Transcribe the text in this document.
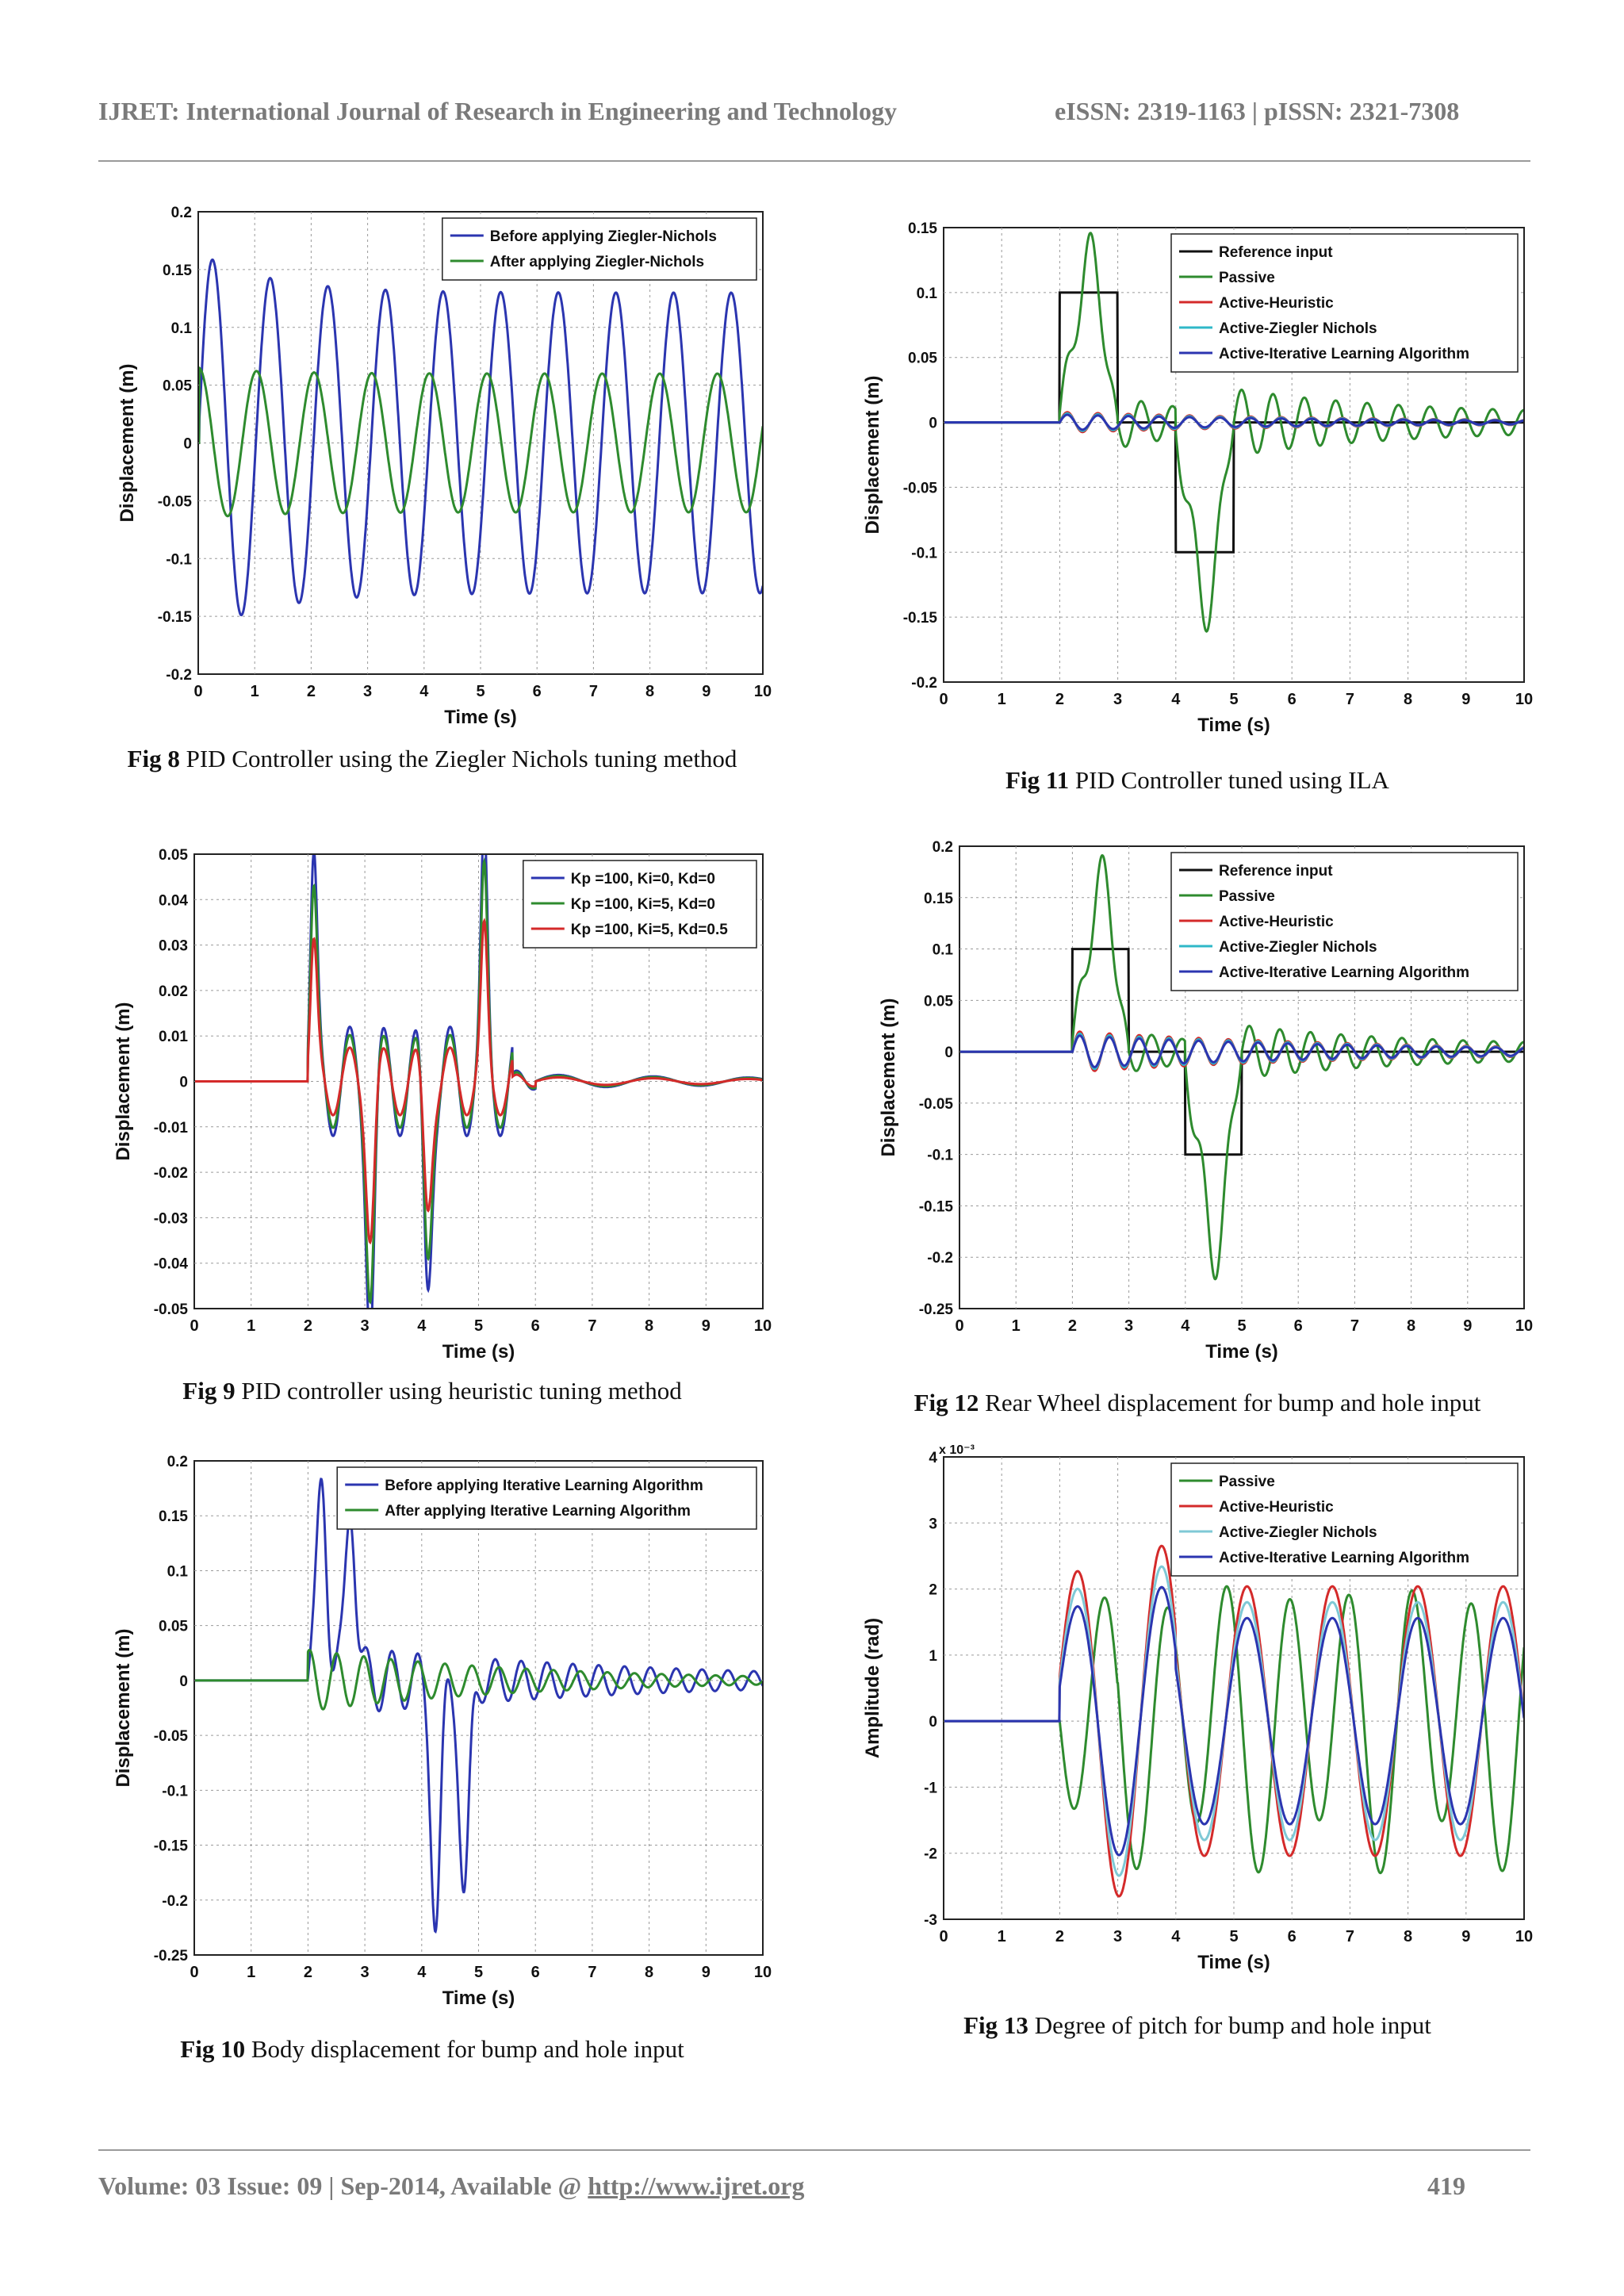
IJRET: International Journal of Research in Engineering and Technology	eISSN: 2319-1163 | pISSN: 2321-7308
0	1	2	3	4	5	6	7	8	9	10
0.2
0.15
0.1
0.05
0
-0.05
-0.1
-0.15
-0.2
Time (s)
Displacement (m)
Before applying Ziegler-Nichols
After applying Ziegler-Nichols
0	1	2	3	4	5	6	7	8	9	10
0.15
0.1
0.05
0
-0.05
-0.1
-0.15
-0.2
Time (s)
Displacement (m)
Reference input
Passive
Active-Heuristic
Active-Ziegler Nichols
Active-Iterative Learning Algorithm
0	1	2	3	4	5	6	7	8	9	10
0.05
0.04
0.03
0.02
0.01
0
-0.01
-0.02
-0.03
-0.04
-0.05
Time (s)
Displacement (m)
Kp =100, Ki=0, Kd=0
Kp =100, Ki=5, Kd=0
Kp =100, Ki=5, Kd=0.5
0	1	2	3	4	5	6	7	8	9	10
0.2
0.15
0.1
0.05
0
-0.05
-0.1
-0.15
-0.2
-0.25
Time (s)
Displacement (m)
Reference input
Passive
Active-Heuristic
Active-Ziegler Nichols
Active-Iterative Learning Algorithm
0	1	2	3	4	5	6	7	8	9	10
0.2
0.15
0.1
0.05
0
-0.05
-0.1
-0.15
-0.2
-0.25
Time (s)
Displacement (m)
Before applying Iterative Learning Algorithm
After applying Iterative Learning Algorithm
0	1	2	3	4	5	6	7	8	9	10
4
3
2
1
0
-1
-2
-3
x 10⁻³
Time (s)
Amplitude (rad)
Passive
Active-Heuristic
Active-Ziegler Nichols
Active-Iterative Learning Algorithm
Fig 8 PID Controller using the Ziegler Nichols tuning method
Fig 11 PID Controller tuned using ILA
Fig 9 PID controller using heuristic tuning method	Fig 12 Rear Wheel displacement for bump and hole input
Fig 10 Body displacement for bump and hole input
Fig 13 Degree of pitch for bump and hole input
Volume: 03 Issue: 09 | Sep-2014, Available @ http://www.ijret.org	419
